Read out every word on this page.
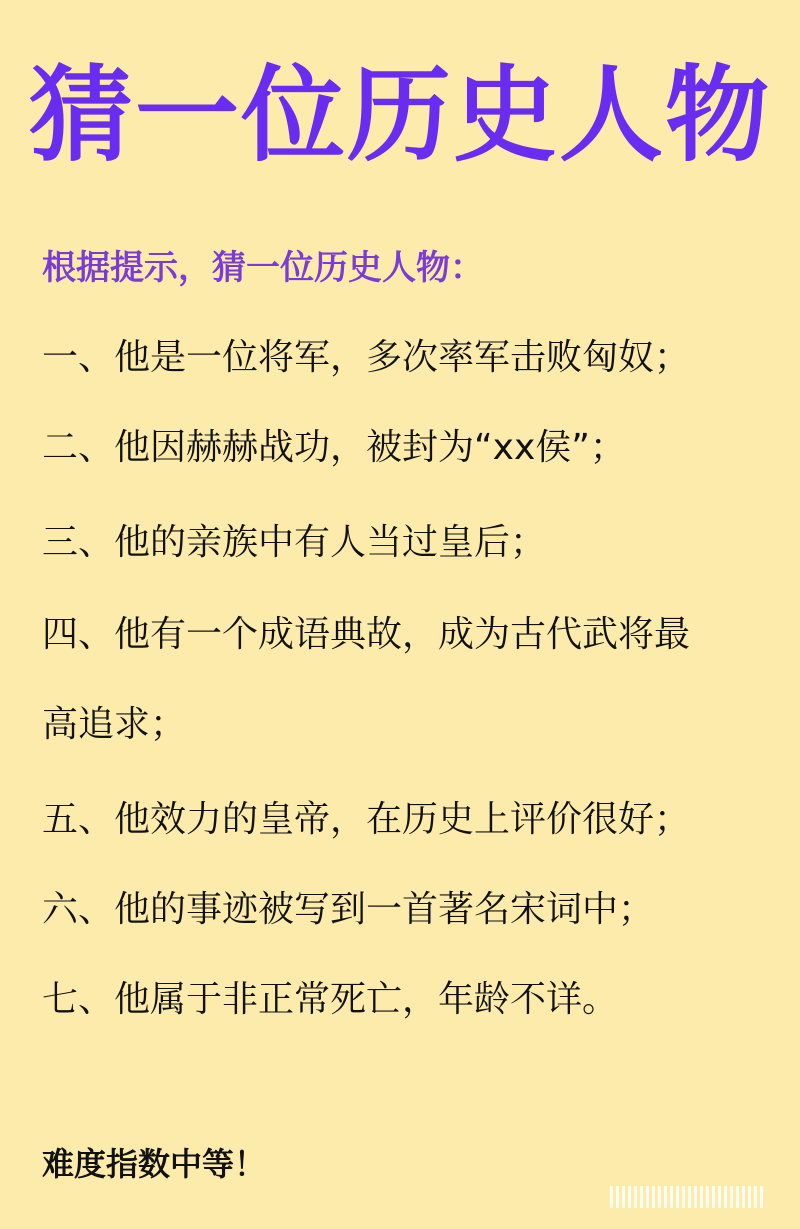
猜一位历史人物
根据提示，猜一位历史人物：
一、他是一位将军，多次率军击败匈奴；
二、他因赫赫战功，被封为“xx侯”；
三、他的亲族中有人当过皇后；
四、他有一个成语典故，成为古代武将最
高追求；
五、他效力的皇帝，在历史上评价很好；
六、他的事迹被写到一首著名宋词中；
七、他属于非正常死亡，年龄不详。
难度指数中等！
